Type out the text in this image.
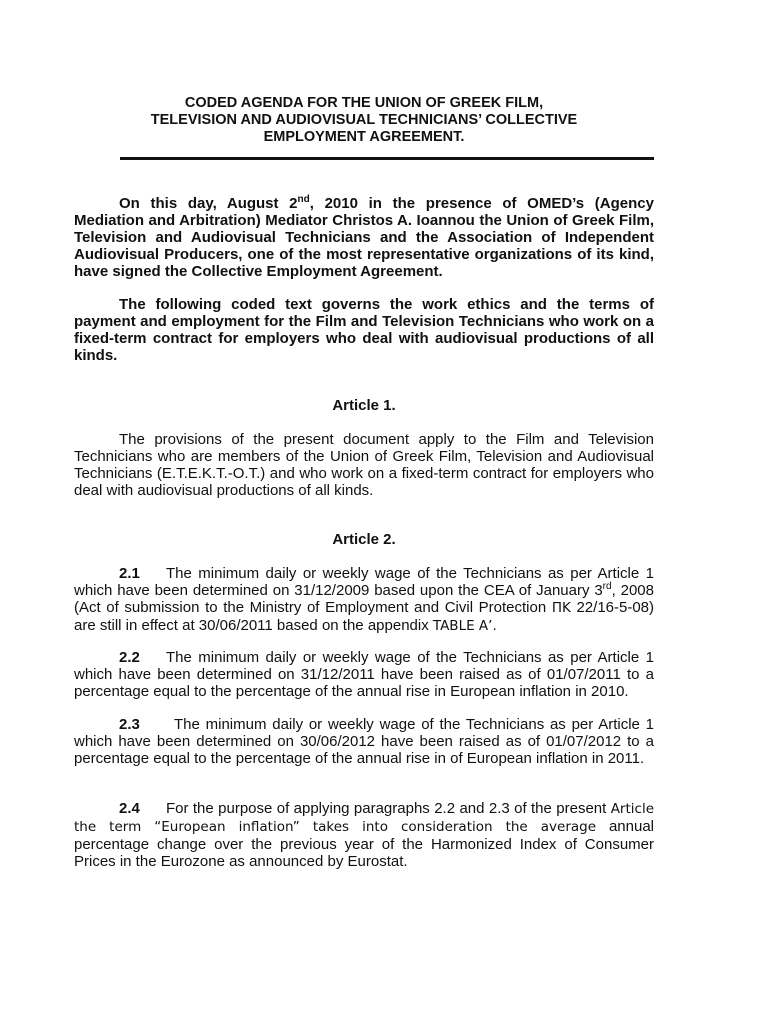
CODED AGENDA FOR THE UNION OF GREEK FILM,
TELEVISION AND AUDIOVISUAL TECHNICIANS’ COLLECTIVE
EMPLOYMENT AGREEMENT.

On this day, August 2nd, 2010 in the presence of OMED’s (Agency Mediation and Arbitration) Mediator Christos A. Ioannou the Union of Greek Film, Television and Audiovisual Technicians and the Association of Independent Audiovisual Producers, one of the most representative organizations of its kind, have signed the Collective Employment Agreement.

The following coded text governs the work ethics and the terms of payment and employment for the Film and Television Technicians who work on a fixed-term contract for employers who deal with audiovisual productions of all kinds.

Article 1.

The provisions of the present document apply to the Film and Television Technicians who are members of the Union of Greek Film, Television and Audiovisual Technicians (E.T.E.K.T.-O.T.) and who work on a fixed-term contract for employers who deal with audiovisual productions of all kinds.

Article 2.

2.1 The minimum daily or weekly wage of the Technicians as per Article 1 which have been determined on 31/12/2009 based upon the CEA of January 3rd, 2008 (Act of submission to the Ministry of Employment and Civil Protection ΠΚ 22/16-5-08) are still in effect at 30/06/2011 based on the appendix TABLE A’.

2.2 The minimum daily or weekly wage of the Technicians as per Article 1 which have been determined on 31/12/2011 have been raised as of 01/07/2011 to a percentage equal to the percentage of the annual rise in European inflation in 2010.

2.3 The minimum daily or weekly wage of the Technicians as per Article 1 which have been determined on 30/06/2012 have been raised as of 01/07/2012 to a percentage equal to the percentage of the annual rise in of European inflation in 2011.

2.4 For the purpose of applying paragraphs 2.2 and 2.3 of the present Article the term “European inflation” takes into consideration the average annual percentage change over the previous year of the Harmonized Index of Consumer Prices in the Eurozone as announced by Eurostat.
